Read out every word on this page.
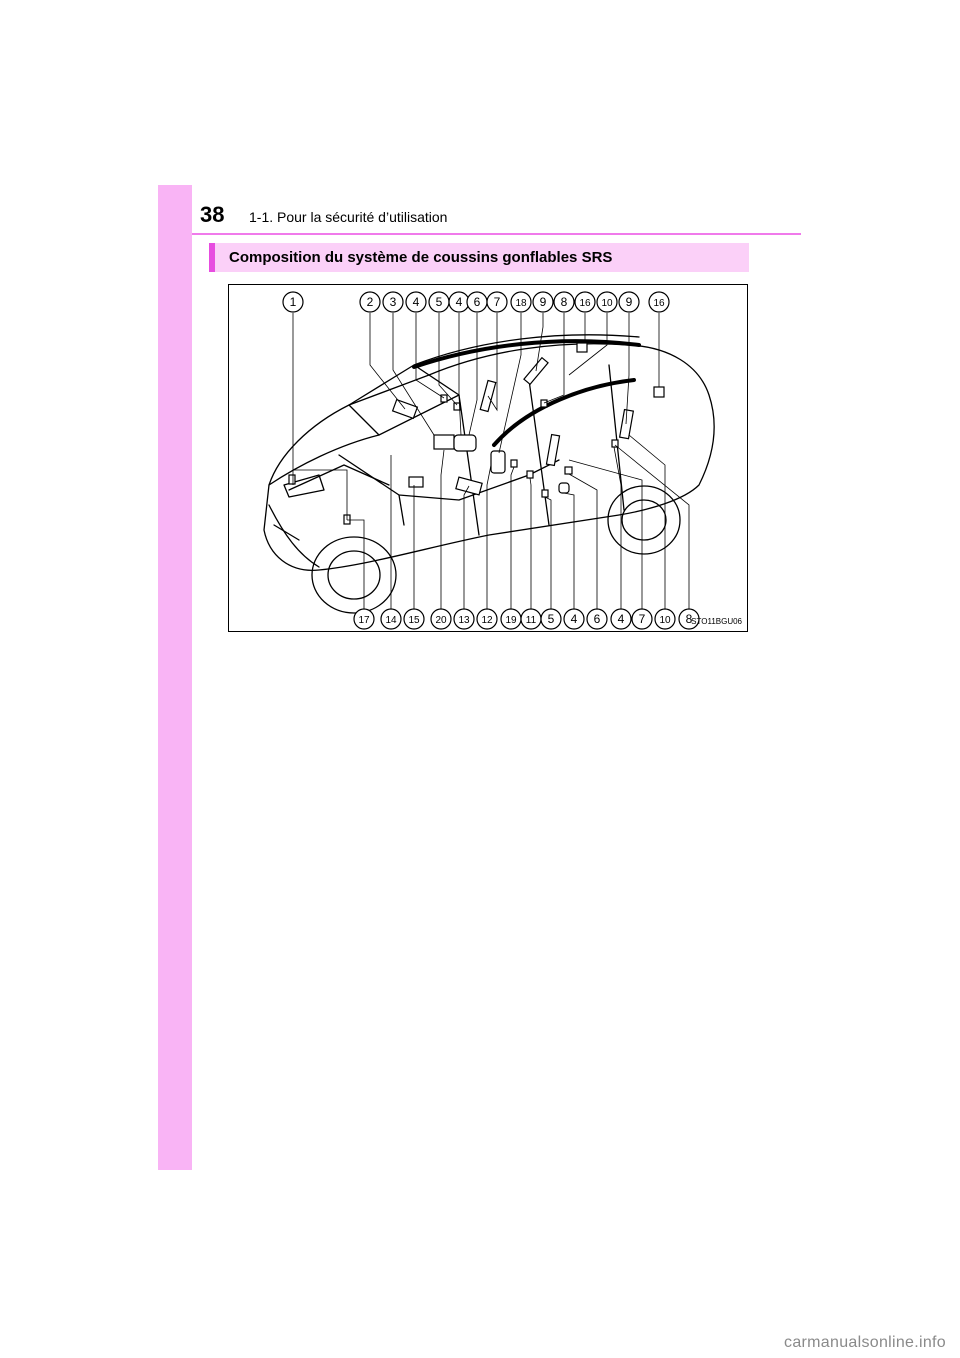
38 1-1. Pour la sécurité d’utilisation
Composition du système de coussins gonflables SRS
1	2 3 4 5 4 6 7 18 9 8 16 10 9 16
17 14 15 20 13 12 19 11 5 4 6 4 7 10 8
STO11BGU06
carmanualsonline.info
